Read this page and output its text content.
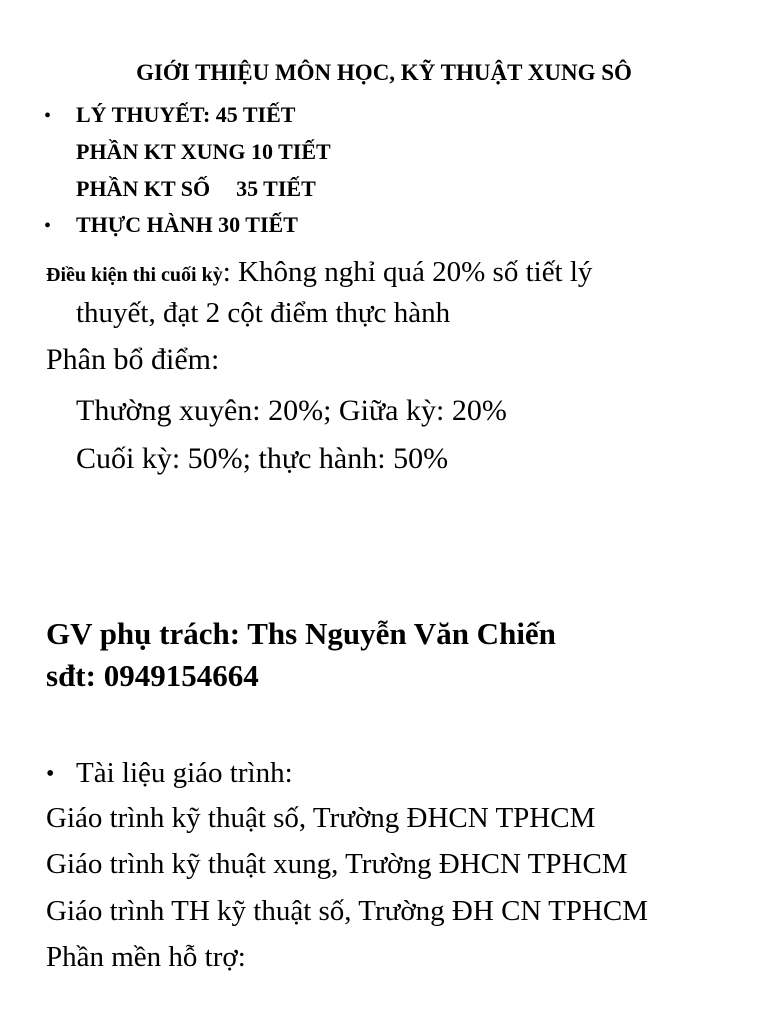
GIỚI THIỆU MÔN HỌC, KỸ THUẬT XUNG SÔ
• LÝ THUYẾT: 45 TIẾT
PHẦN KT XUNG 10 TIẾT
PHẦN KT SỐ 35 TIẾT
• THỰC HÀNH 30 TIẾT
Điều kiện thi cuối kỳ: Không nghỉ quá 20% số tiết lý
thuyết, đạt 2 cột điểm thực hành
Phân bổ điểm:
Thường xuyên: 20%; Giữa kỳ: 20%
Cuối kỳ: 50%; thực hành: 50%
GV phụ trách: Ths Nguyễn Văn Chiến
sđt: 0949154664
• Tài liệu giáo trình:
Giáo trình kỹ thuật số, Trường ĐHCN TPHCM
Giáo trình kỹ thuật xung, Trường ĐHCN TPHCM
Giáo trình TH kỹ thuật số, Trường ĐH CN TPHCM
Phần mền hỗ trợ:
